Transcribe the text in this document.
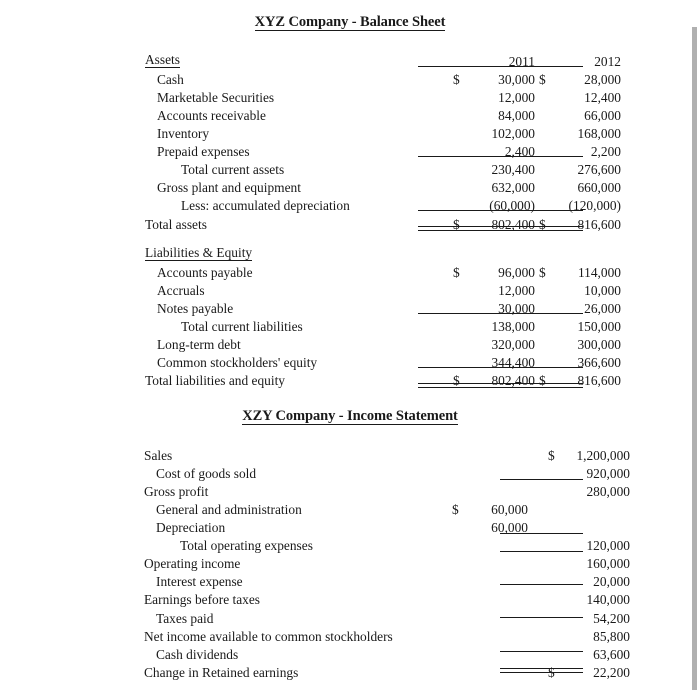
XYZ Company - Balance Sheet
Assets		2011		2012
Cash	$	30,000	$	28,000
Marketable Securities		12,000		12,400
Accounts receivable		84,000		66,000
Inventory		102,000		168,000
Prepaid expenses		2,400		2,200
Total current assets		230,400		276,600
Gross plant and equipment		632,000		660,000
Less: accumulated depreciation		(60,000)		(120,000)
Total assets	$	802,400	$	816,600
Liabilities & Equity				
Accounts payable	$	96,000	$	114,000
Accruals		12,000		10,000
Notes payable		30,000		26,000
Total current liabilities		138,000		150,000
Long-term debt		320,000		300,000
Common stockholders' equity		344,400		366,600
Total liabilities and equity	$	802,400	$	816,600
XZY Company - Income Statement
Sales			$	1,200,000
Cost of goods sold				920,000
Gross profit				280,000
General and administration	$	60,000		
Depreciation		60,000		
Total operating expenses				120,000
Operating income				160,000
Interest expense				20,000
Earnings before taxes				140,000
Taxes paid				54,200
Net income available to common stockholders				85,800
Cash dividends				63,600
Change in Retained earnings			$	22,200
